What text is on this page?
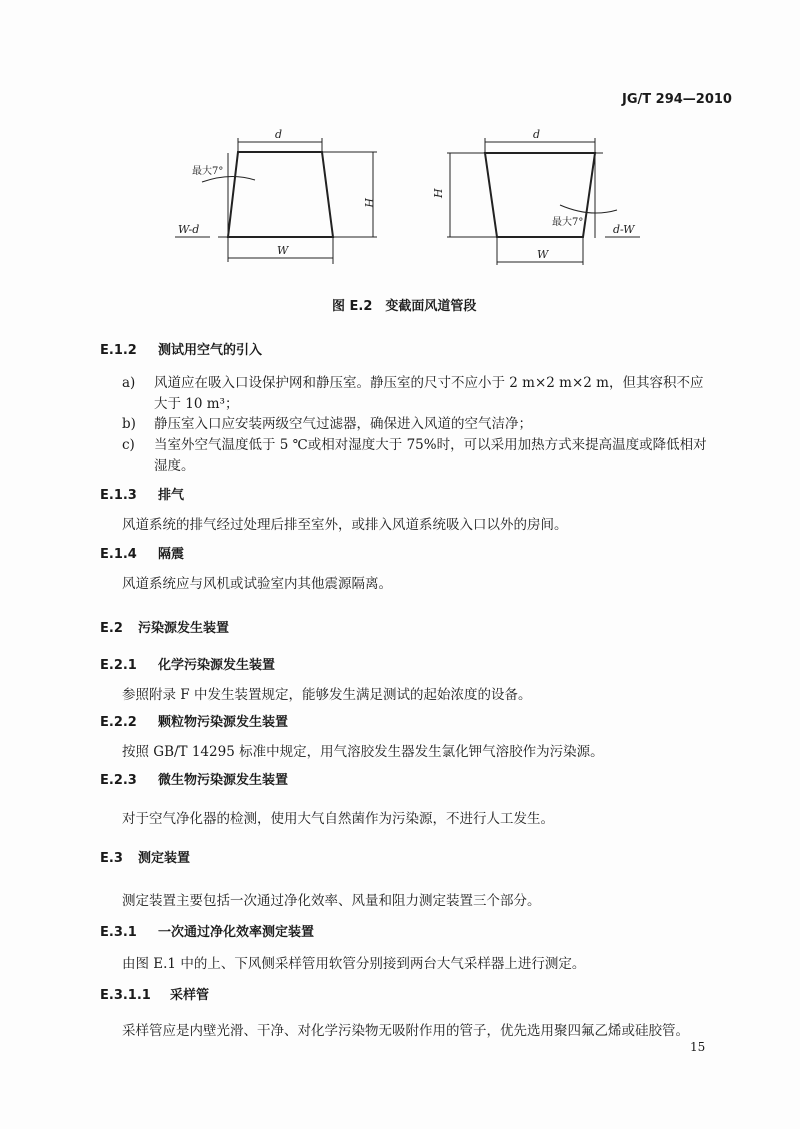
JG/T 294—2010
d
H
W
W-d
d
H
W
d-W
最大7°
最大7°
图 E.2　变截面风道管段
E.1.2 测试用空气的引入
a) 风道应在吸入口设保护网和静压室。静压室的尺寸不应小于 2 m×2 m×2 m，但其容积不应
大于 10 m³；
b) 静压室入口应安装两级空气过滤器，确保进入风道的空气洁净；
c) 当室外空气温度低于 5 ℃或相对湿度大于 75%时，可以采用加热方式来提高温度或降低相对
湿度。
E.1.3 排气
风道系统的排气经过处理后排至室外，或排入风道系统吸入口以外的房间。
E.1.4 隔震
风道系统应与风机或试验室内其他震源隔离。
E.2 污染源发生装置
E.2.1 化学污染源发生装置
参照附录 F 中发生装置规定，能够发生满足测试的起始浓度的设备。
E.2.2 颗粒物污染源发生装置
按照 GB/T 14295 标准中规定，用气溶胶发生器发生氯化钾气溶胶作为污染源。
E.2.3 微生物污染源发生装置
对于空气净化器的检测，使用大气自然菌作为污染源，不进行人工发生。
E.3 测定装置
测定装置主要包括一次通过净化效率、风量和阻力测定装置三个部分。
E.3.1 一次通过净化效率测定装置
由图 E.1 中的上、下风侧采样管用软管分别接到两台大气采样器上进行测定。
E.3.1.1 采样管
采样管应是内壁光滑、干净、对化学污染物无吸附作用的管子，优先选用聚四氟乙烯或硅胶管。
15
